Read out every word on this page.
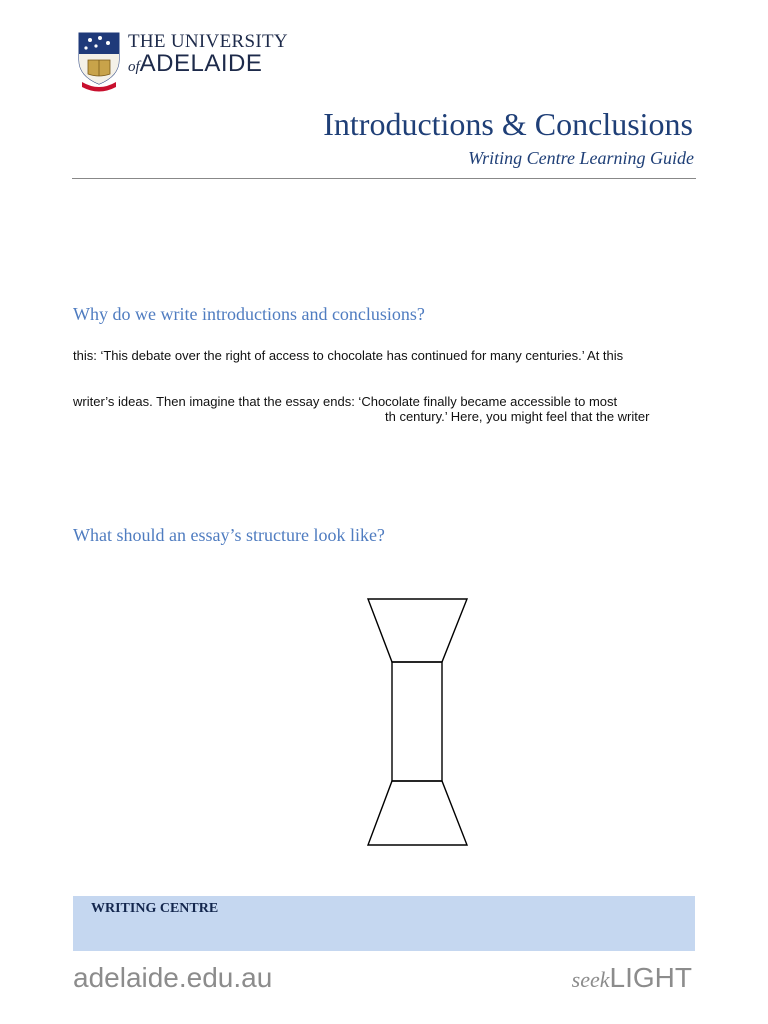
THE UNIVERSITY
ofADELAIDE
Introductions & Conclusions
Writing Centre Learning Guide
Why do we write introductions and conclusions?
this: ‘This debate over the right of access to chocolate has continued for many centuries.’ At this
writer’s ideas. Then imagine that the essay ends: ‘Chocolate finally became accessible to most
th century.’ Here, you might feel that the writer
What should an essay’s structure look like?
WRITING CENTRE
adelaide.edu.au	seekLIGHT
